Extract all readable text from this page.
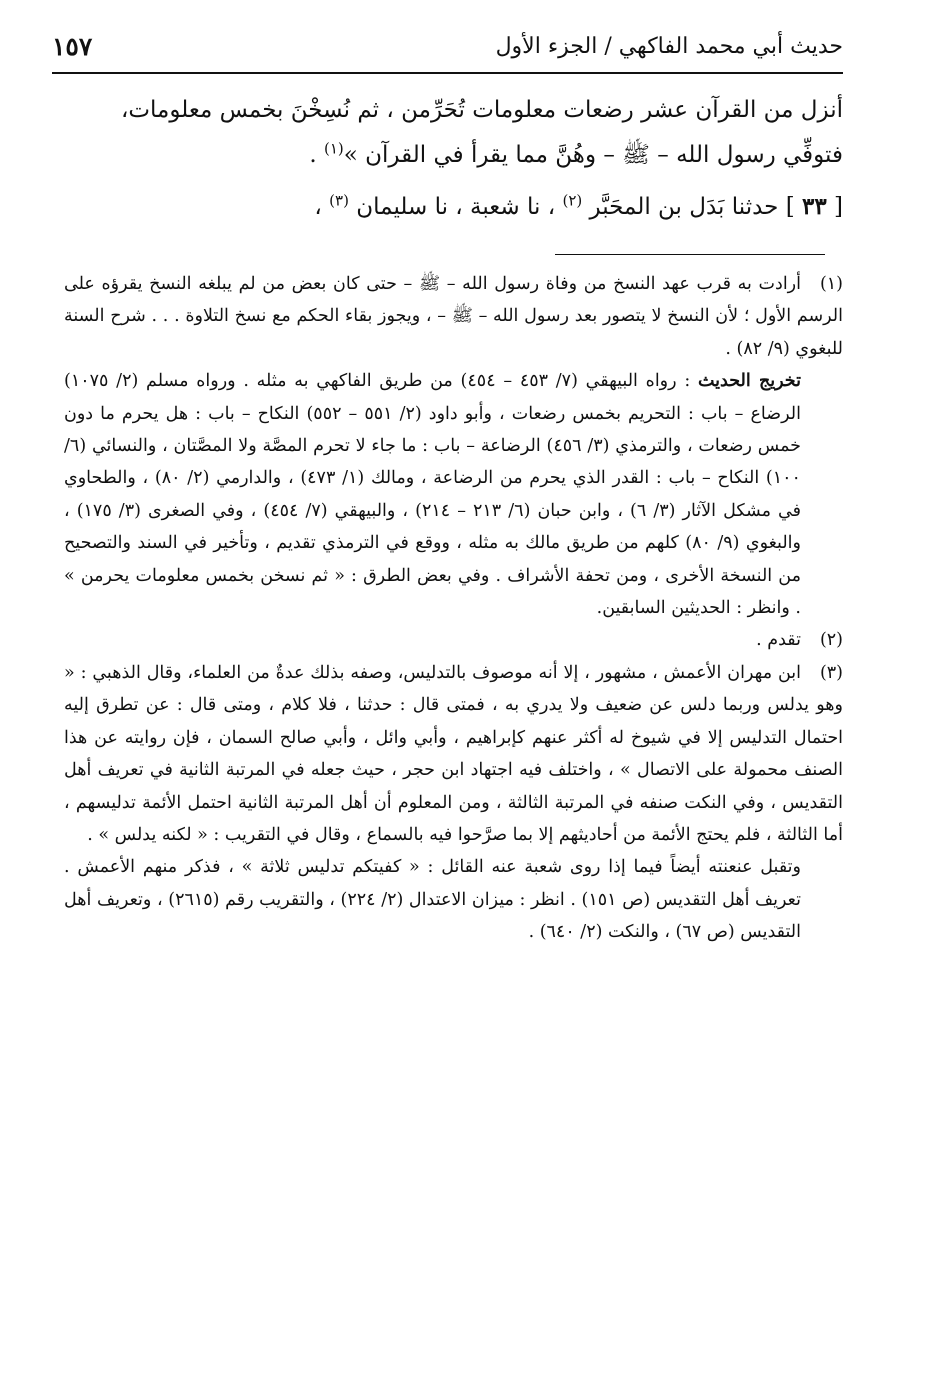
حديث أبي محمد الفاكهي / الجزء الأول
١٥٧

أنزل من القرآن عشر رضعات معلومات تُحَرِّمن ، ثم نُسِخْنَ بخمس معلومات،

فتوفِّي رسول الله – ﷺ – وهُنَّ مما يقرأ في القرآن »$^{(١)}$ .

[ ٣٣ ] حدثنا بَدَل بن المحَبَّر $^{(٢)}$ ، نا شعبة ، نا سليمان $^{(٣)}$ ،

(١)أرادت به قرب عهد النسخ من وفاة رسول الله – ﷺ – حتى كان بعض من لم يبلغه النسخ يقرؤه على الرسم الأول ؛ لأن النسخ لا يتصور بعد رسول الله – ﷺ – ، ويجوز بقاء الحكم مع نسخ التلاوة . . . شرح السنة للبغوي (٩/ ٨٢) .

تخريج الحديث : رواه البيهقي (٧/ ٤٥٣ – ٤٥٤) من طريق الفاكهي به مثله . ورواه مسلم (٢/ ١٠٧٥) الرضاع – باب : التحريم بخمس رضعات ، وأبو داود (٢/ ٥٥١ – ٥٥٢) النكاح – باب : هل يحرم ما دون خمس رضعات ، والترمذي (٣/ ٤٥٦) الرضاعة – باب : ما جاء لا تحرم المصَّة ولا المصَّتان ، والنسائي (٦/ ١٠٠) النكاح – باب : القدر الذي يحرم من الرضاعة ، ومالك (١/ ٤٧٣) ، والدارمي (٢/ ٨٠) ، والطحاوي في مشكل الآثار (٣/ ٦) ، وابن حبان (٦/ ٢١٣ – ٢١٤) ، والبيهقي (٧/ ٤٥٤) ، وفي الصغرى (٣/ ١٧٥) ، والبغوي (٩/ ٨٠) كلهم من طريق مالك به مثله ، ووقع في الترمذي تقديم ، وتأخير في السند والتصحيح من النسخة الأخرى ، ومن تحفة الأشراف . وفي بعض الطرق : « ثم نسخن بخمس معلومات يحرمن » . وانظر : الحديثين السابقين.

(٢)تقدم .

(٣)ابن مهران الأعمش ، مشهور ، إلا أنه موصوف بالتدليس، وصفه بذلك عدةٌ من العلماء، وقال الذهبي : « وهو يدلس وربما دلس عن ضعيف ولا يدري به ، فمتى قال : حدثنا ، فلا كلام ، ومتى قال : عن تطرق إليه احتمال التدليس إلا في شيوخ له أكثر عنهم كإبراهيم ، وأبي وائل ، وأبي صالح السمان ، فإن روايته عن هذا الصنف محمولة على الاتصال » ، واختلف فيه اجتهاد ابن حجر ، حيث جعله في المرتبة الثانية في تعريف أهل التقديس ، وفي النكت صنفه في المرتبة الثالثة ، ومن المعلوم أن أهل المرتبة الثانية احتمل الأئمة تدليسهم ، أما الثالثة ، فلم يحتج الأئمة من أحاديثهم إلا بما صرَّحوا فيه بالسماع ، وقال في التقريب : « لكنه يدلس » .

وتقبل عنعنته أيضاً فيما إذا روى شعبة عنه القائل : « كفيتكم تدليس ثلاثة » ، فذكر منهم الأعمش . تعريف أهل التقديس (ص ١٥١) . انظر : ميزان الاعتدال (٢/ ٢٢٤) ، والتقريب رقم (٢٦١٥) ، وتعريف أهل التقديس (ص ٦٧) ، والنكت (٢/ ٦٤٠) .
